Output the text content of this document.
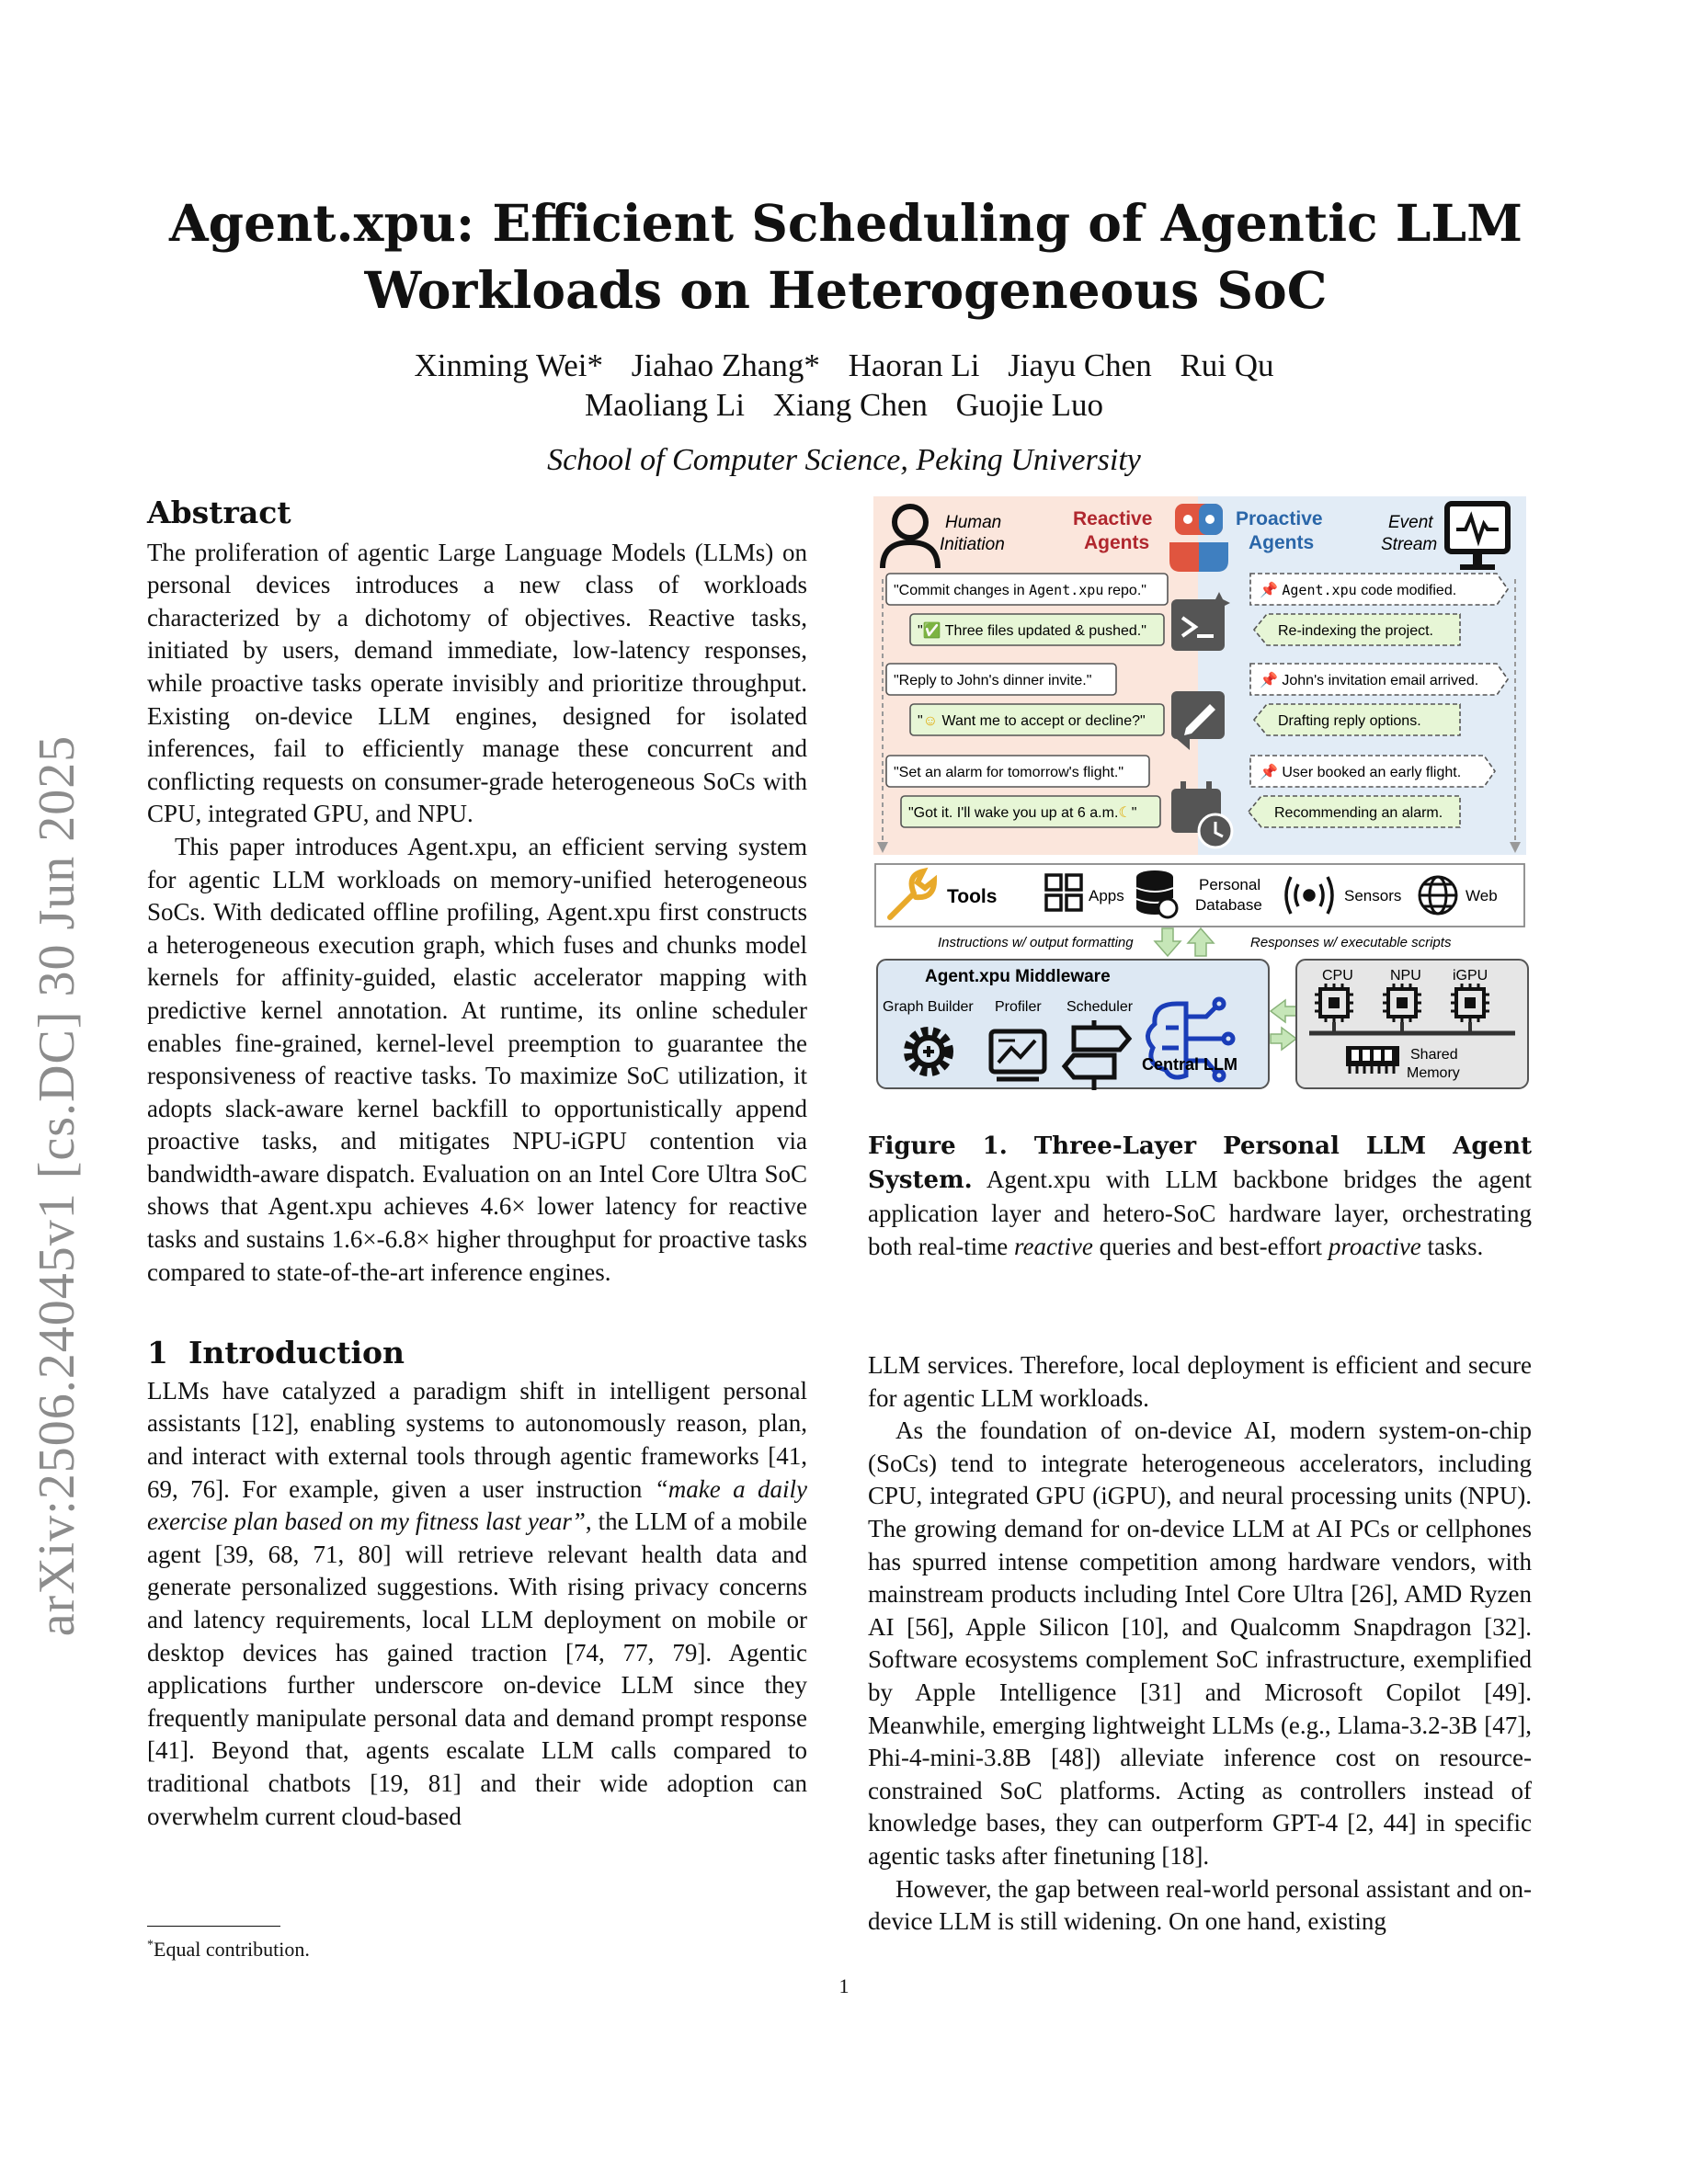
Agent.xpu: Efficient Scheduling of Agentic LLM
Workloads on Heterogeneous SoC
Xinming Wei* Jiahao Zhang* Haoran Li Jiayu Chen Rui Qu
Maoliang Li Xiang Chen Guojie Luo
School of Computer Science, Peking University
arXiv:2506.24045v1 [cs.DC] 30 Jun 2025
Abstract

The proliferation of agentic Large Language Models (LLMs) on personal devices introduces a new class of workloads characterized by a dichotomy of objectives. Reactive tasks, initiated by users, demand immediate, low-latency responses, while proactive tasks operate invisibly and prioritize throughput. Existing on-device LLM engines, designed for isolated inferences, fail to efficiently manage these concurrent and conflicting requests on consumer-grade heterogeneous SoCs with CPU, integrated GPU, and NPU.

This paper introduces Agent.xpu, an efficient serving system for agentic LLM workloads on memory-unified heterogeneous SoCs. With dedicated offline profiling, Agent.xpu first constructs a heterogeneous execution graph, which fuses and chunks model kernels for affinity-guided, elastic accelerator mapping with predictive kernel annotation. At runtime, its online scheduler enables fine-grained, kernel-level preemption to guarantee the responsiveness of reactive tasks. To maximize SoC utilization, it adopts slack-aware kernel backfill to opportunistically append proactive tasks, and mitigates NPU-iGPU contention via bandwidth-aware dispatch. Evaluation on an Intel Core Ultra SoC shows that Agent.xpu achieves 4.6× lower latency for reactive tasks and sustains 1.6×-6.8× higher throughput for proactive tasks compared to state-of-the-art inference engines.

1 Introduction

LLMs have catalyzed a paradigm shift in intelligent personal assistants [12], enabling systems to autonomously reason, plan, and interact with external tools through agentic frameworks [41, 69, 76]. For example, given a user instruction “make a daily exercise plan based on my fitness last year”, the LLM of a mobile agent [39, 68, 71, 80] will retrieve relevant health data and generate personalized suggestions. With rising privacy concerns and latency requirements, local LLM deployment on mobile or desktop devices has gained traction [74, 77, 79]. Agentic applications further underscore on-device LLM since they frequently manipulate personal data and demand prompt response [41]. Beyond that, agents escalate LLM calls compared to traditional chatbots [19, 81] and their wide adoption can overwhelm current cloud-based

Human
Initiation
Reactive
Agents
Proactive
Agents
Event
Stream
"Commit changes in Agent.xpu repo."
"✅ Three files updated & pushed."
"Reply to John's dinner invite."
"☺ Want me to accept or decline?"
"Set an alarm for tomorrow's flight."
"Got it. I'll wake you up at 6 a.m.☾"
📌 Agent.xpu code modified.
Re-indexing the project.
📌 John's invitation email arrived.
Drafting reply options.
📌 User booked an early flight.
Recommending an alarm.
Tools	Apps
Personal
Database
Sensors	Web
Instructions w/ output formatting	Responses w/ executable scripts
Agent.xpu Middleware
Graph Builder Profiler Scheduler
Central LLM
CPU	NPU iGPU
Shared
Memory
Figure 1. Three-Layer Personal LLM Agent System. Agent.xpu with LLM backbone bridges the agent application layer and hetero-SoC hardware layer, orchestrating both real-time reactive queries and best-effort proactive tasks.

LLM services. Therefore, local deployment is efficient and secure for agentic LLM workloads.

As the foundation of on-device AI, modern system-on-chip (SoCs) tend to integrate heterogeneous accelerators, including CPU, integrated GPU (iGPU), and neural processing units (NPU). The growing demand for on-device LLM at AI PCs or cellphones has spurred intense competition among hardware vendors, with mainstream products including Intel Core Ultra [26], AMD Ryzen AI [56], Apple Silicon [10], and Qualcomm Snapdragon [32]. Software ecosystems complement SoC infrastructure, exemplified by Apple Intelligence [31] and Microsoft Copilot [49]. Meanwhile, emerging lightweight LLMs (e.g., Llama-3.2-3B [47], Phi-4-mini-3.8B [48]) alleviate inference cost on resource-constrained SoC platforms. Acting as controllers instead of knowledge bases, they can outperform GPT-4 [2, 44] in specific agentic tasks after finetuning [18].

However, the gap between real-world personal assistant and on-device LLM is still widening. On one hand, existing

*Equal contribution.
1
